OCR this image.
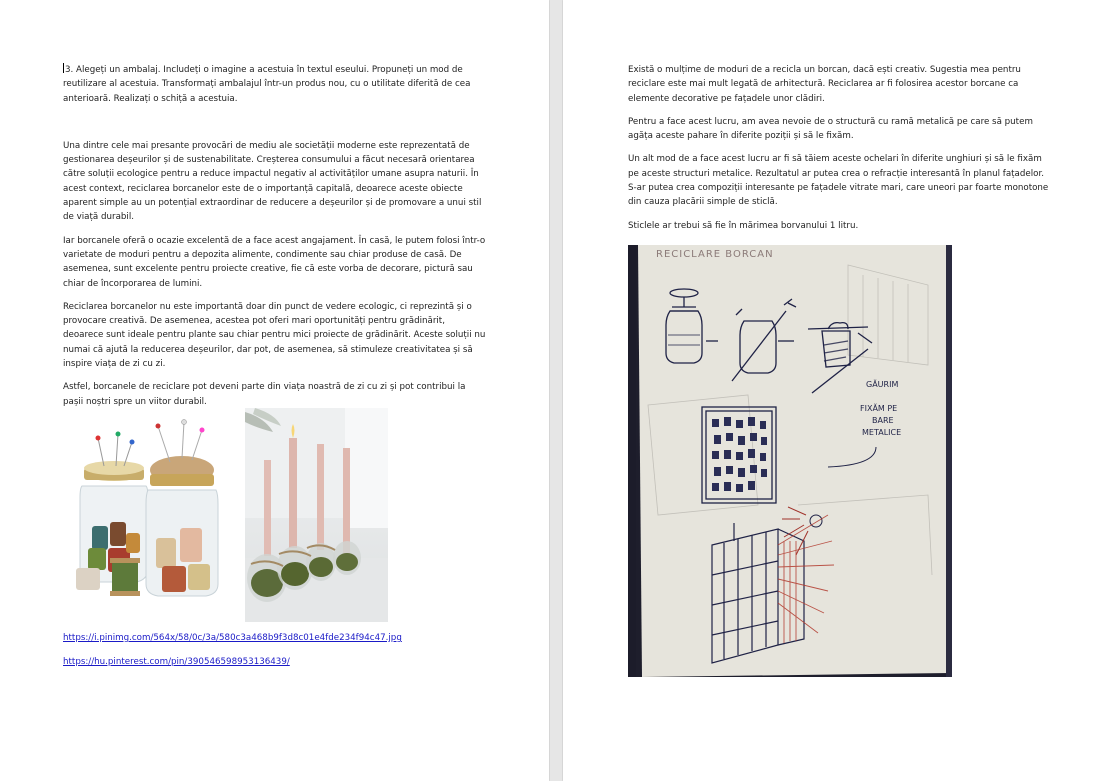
3. Alegeți un ambalaj. Includeți o imagine a acestuia în textul eseului. Propuneți un mod de reutilizare al acestuia. Transformați ambalajul într-un produs nou, cu o utilitate diferită de cea anterioară. Realizați o schiță a acestuia.

Una dintre cele mai presante provocări de mediu ale societății moderne este reprezentată de gestionarea deșeurilor și de sustenabilitate. Creșterea consumului a făcut necesară orientarea către soluții ecologice pentru a reduce impactul negativ al activităților umane asupra naturii. În acest context, reciclarea borcanelor este de o importanță capitală, deoarece aceste obiecte aparent simple au un potențial extraordinar de reducere a deșeurilor și de promovare a unui stil de viață durabil.

Iar borcanele oferă o ocazie excelentă de a face acest angajament. În casă, le putem folosi într-o varietate de moduri pentru a depozita alimente, condimente sau chiar produse de casă. De asemenea, sunt excelente pentru proiecte creative, fie că este vorba de decorare, pictură sau chiar de încorporarea de lumini.

Reciclarea borcanelor nu este importantă doar din punct de vedere ecologic, ci reprezintă și o provocare creativă. De asemenea, acestea pot oferi mari oportunități pentru grădinărit, deoarece sunt ideale pentru plante sau chiar pentru mici proiecte de grădinărit. Aceste soluții nu numai că ajută la reducerea deșeurilor, dar pot, de asemenea, să stimuleze creativitatea și să inspire viața de zi cu zi.

Astfel, borcanele de reciclare pot deveni parte din viața noastră de zi cu zi și pot contribui la pașii noștri spre un viitor durabil.

https://i.pinimg.com/564x/58/0c/3a/580c3a468b9f3d8c01e4fde234f94c47.jpg
https://hu.pinterest.com/pin/390546598953136439/

Există o mulțime de moduri de a recicla un borcan, dacă ești creativ. Sugestia mea pentru reciclare este mai mult legată de arhitectură. Reciclarea ar fi folosirea acestor borcane ca elemente decorative pe fațadele unor clădiri.

Pentru a face acest lucru, am avea nevoie de o structură cu ramă metalică pe care să putem agăța aceste pahare în diferite poziții și să le fixăm.

Un alt mod de a face acest lucru ar fi să tăiem aceste ochelari în diferite unghiuri și să le fixăm pe aceste structuri metalice. Rezultatul ar putea crea o refracție interesantă în planul fațadelor. S-ar putea crea compoziții interesante pe fațadele vitrate mari, care uneori par foarte monotone din cauza placării simple de sticlă.

Sticlele ar trebui să fie în mărimea borvanului 1 litru.

RECICLARE BORCAN
GĂURIM
FIXĂM PE
BARE
METALICE
